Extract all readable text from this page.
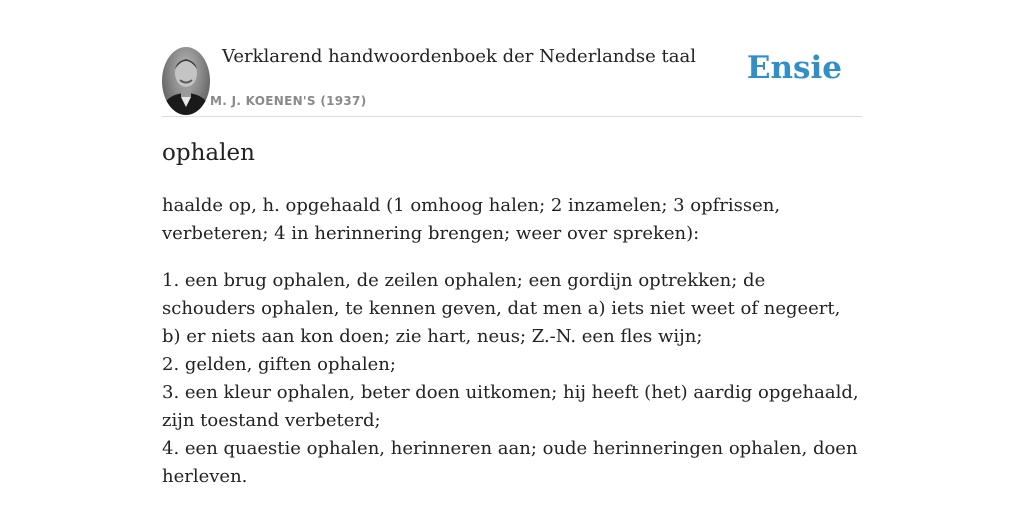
Verklarend handwoordenboek der Nederlandse taal
M. J. KOENEN'S (1937)
Ensie
ophalen

haalde op, h. opgehaald (1 omhoog halen; 2 inzamelen; 3 opfrissen, verbeteren; 4 in herinnering brengen; weer over spreken):

1. een brug ophalen, de zeilen ophalen; een gordijn optrekken; de schouders ophalen, te kennen geven, dat men a) iets niet weet of negeert, b) er niets aan kon doen; zie hart, neus; Z.-N. een fles wijn;
2. gelden, giften ophalen;
3. een kleur ophalen, beter doen uitkomen; hij heeft (het) aardig opgehaald, zijn toestand verbeterd;
4. een quaestie ophalen, herinneren aan; oude herinneringen ophalen, doen herleven.
